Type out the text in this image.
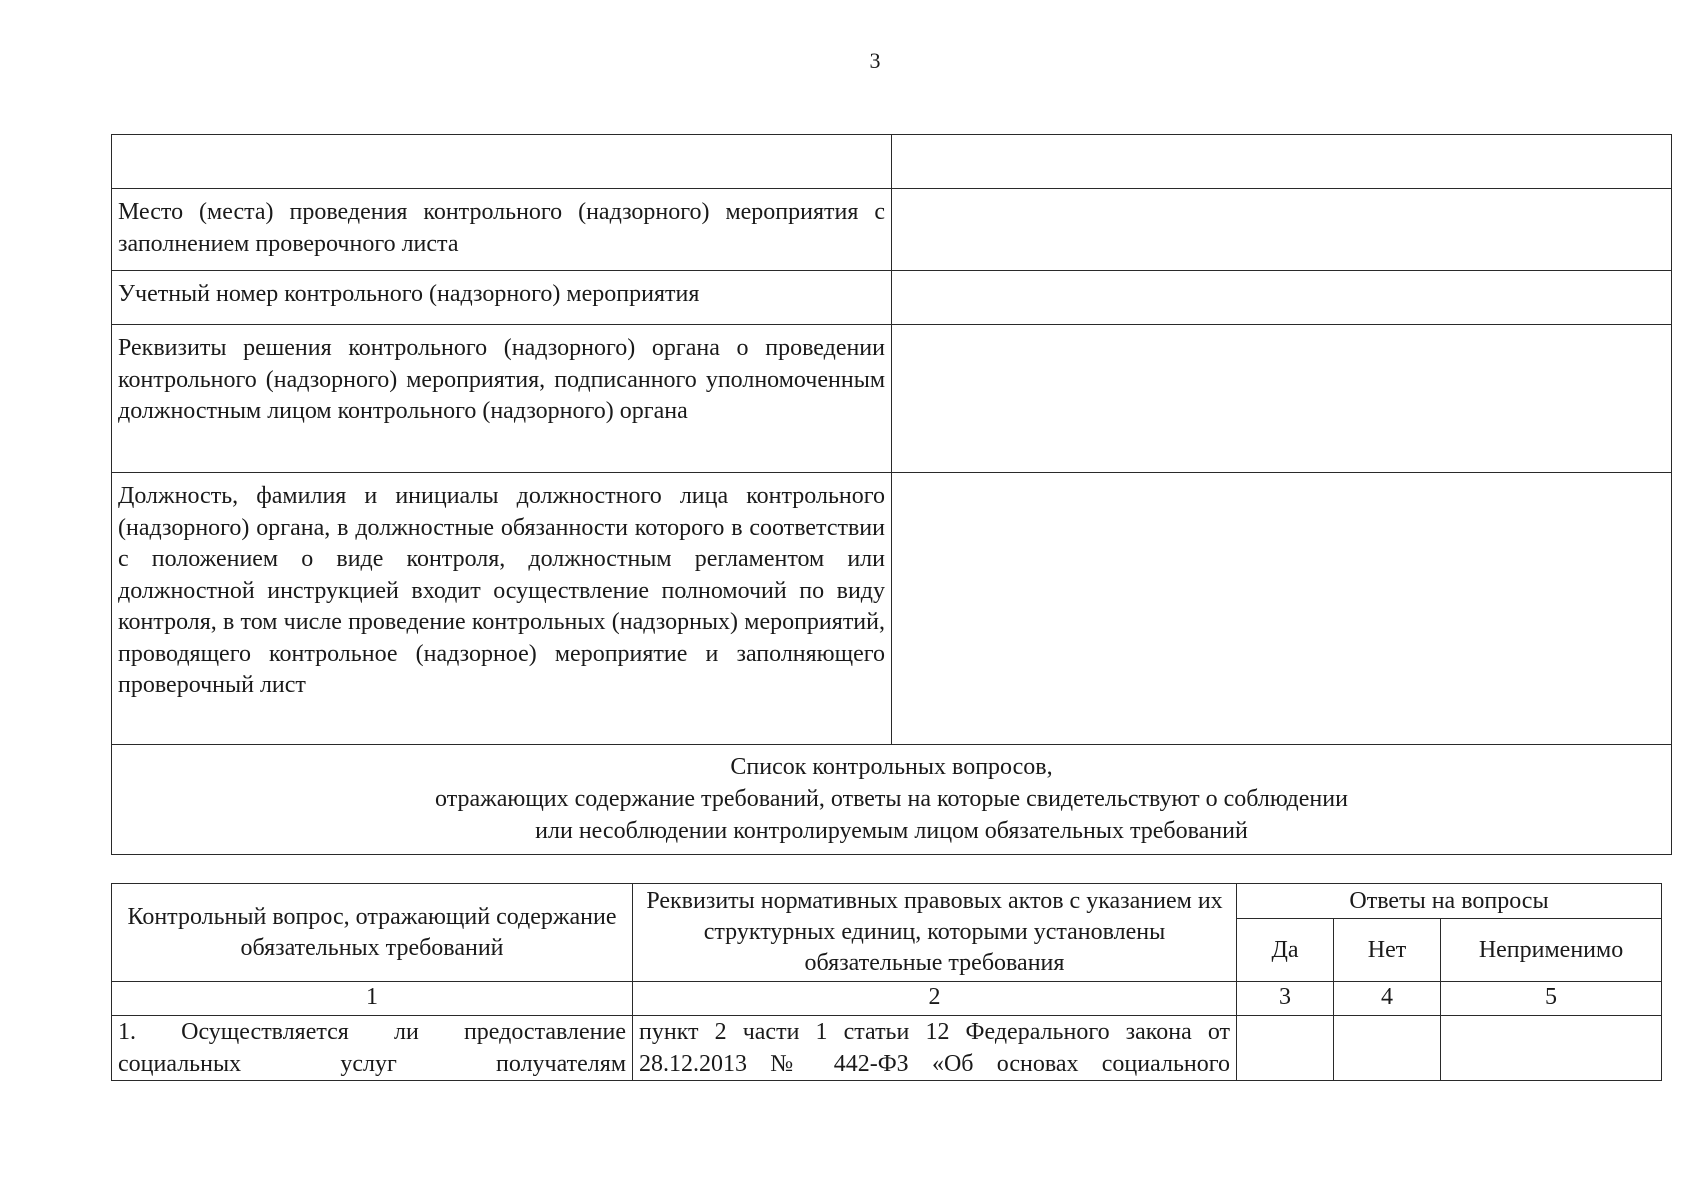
3

Место (места) проведения контрольного (надзорного) мероприятия с заполнением проверочного листа	
Учетный номер контрольного (надзорного) мероприятия	
Реквизиты решения контрольного (надзорного) органа о проведении контрольного (надзорного) мероприятия, подписанного уполномоченным должностным лицом контрольного (надзорного) органа	
Должность, фамилия и инициалы должностного лица контрольного (надзорного) органа, в должностные обязанности которого в соответствии с положением о виде контроля, должностным регламентом или должностной инструкцией входит осуществление полномочий по виду контроля, в том числе проведение контрольных (надзорных) мероприятий, проводящего контрольное (надзорное) мероприятие и заполняющего проверочный лист	

Список контрольных вопросов,
отражающих содержание требований, ответы на которые свидетельствуют о соблюдении
или несоблюдении контролируемым лицом обязательных требований	
Контрольный вопрос, отражающий содержание обязательных требований	Реквизиты нормативных правовых актов с указанием их структурных единиц, которыми установлены обязательные требования	Ответы на вопросы		
		Да	Нет	Неприменимо
1	2	3	4	5
1. Осуществляется ли предоставление социальных услуг получателям	пункт 2 части 1 статьи 12 Федерального закона от 28.12.2013 № 442-ФЗ «Об основах социального			
